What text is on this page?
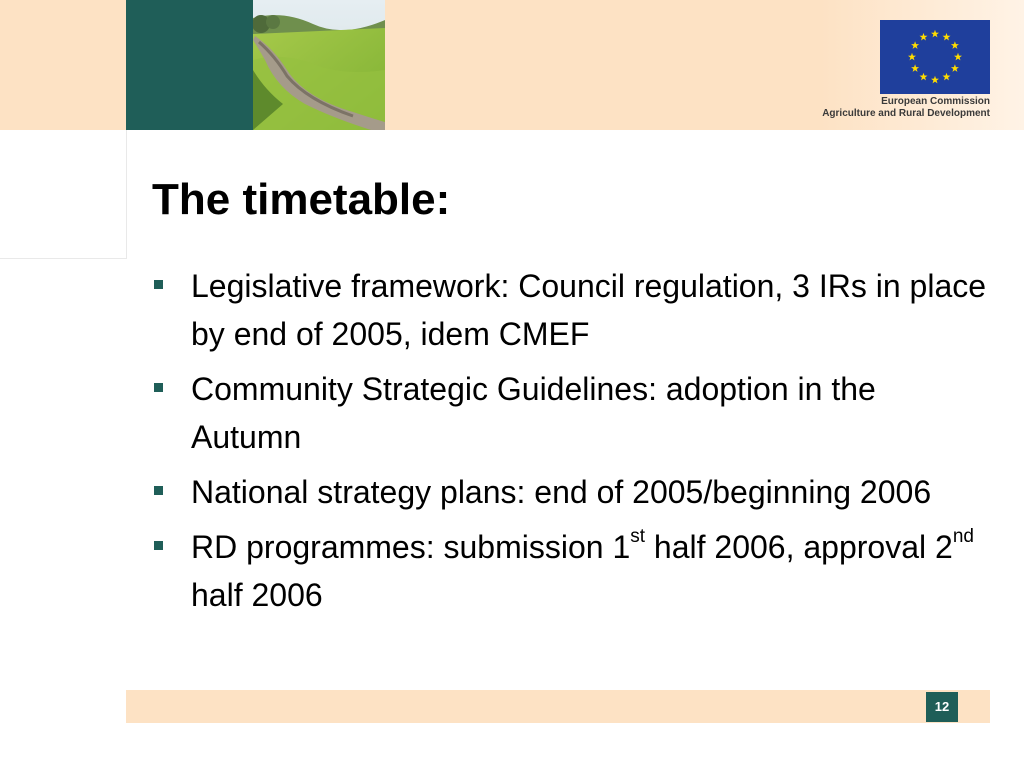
European Commission
Agriculture and Rural Development
The timetable:
Legislative framework: Council regulation, 3 IRs in place by end of 2005, idem CMEF
Community Strategic Guidelines: adoption in the Autumn
National strategy plans: end of 2005/beginning 2006
RD programmes: submission 1st half 2006, approval 2nd half 2006
12
